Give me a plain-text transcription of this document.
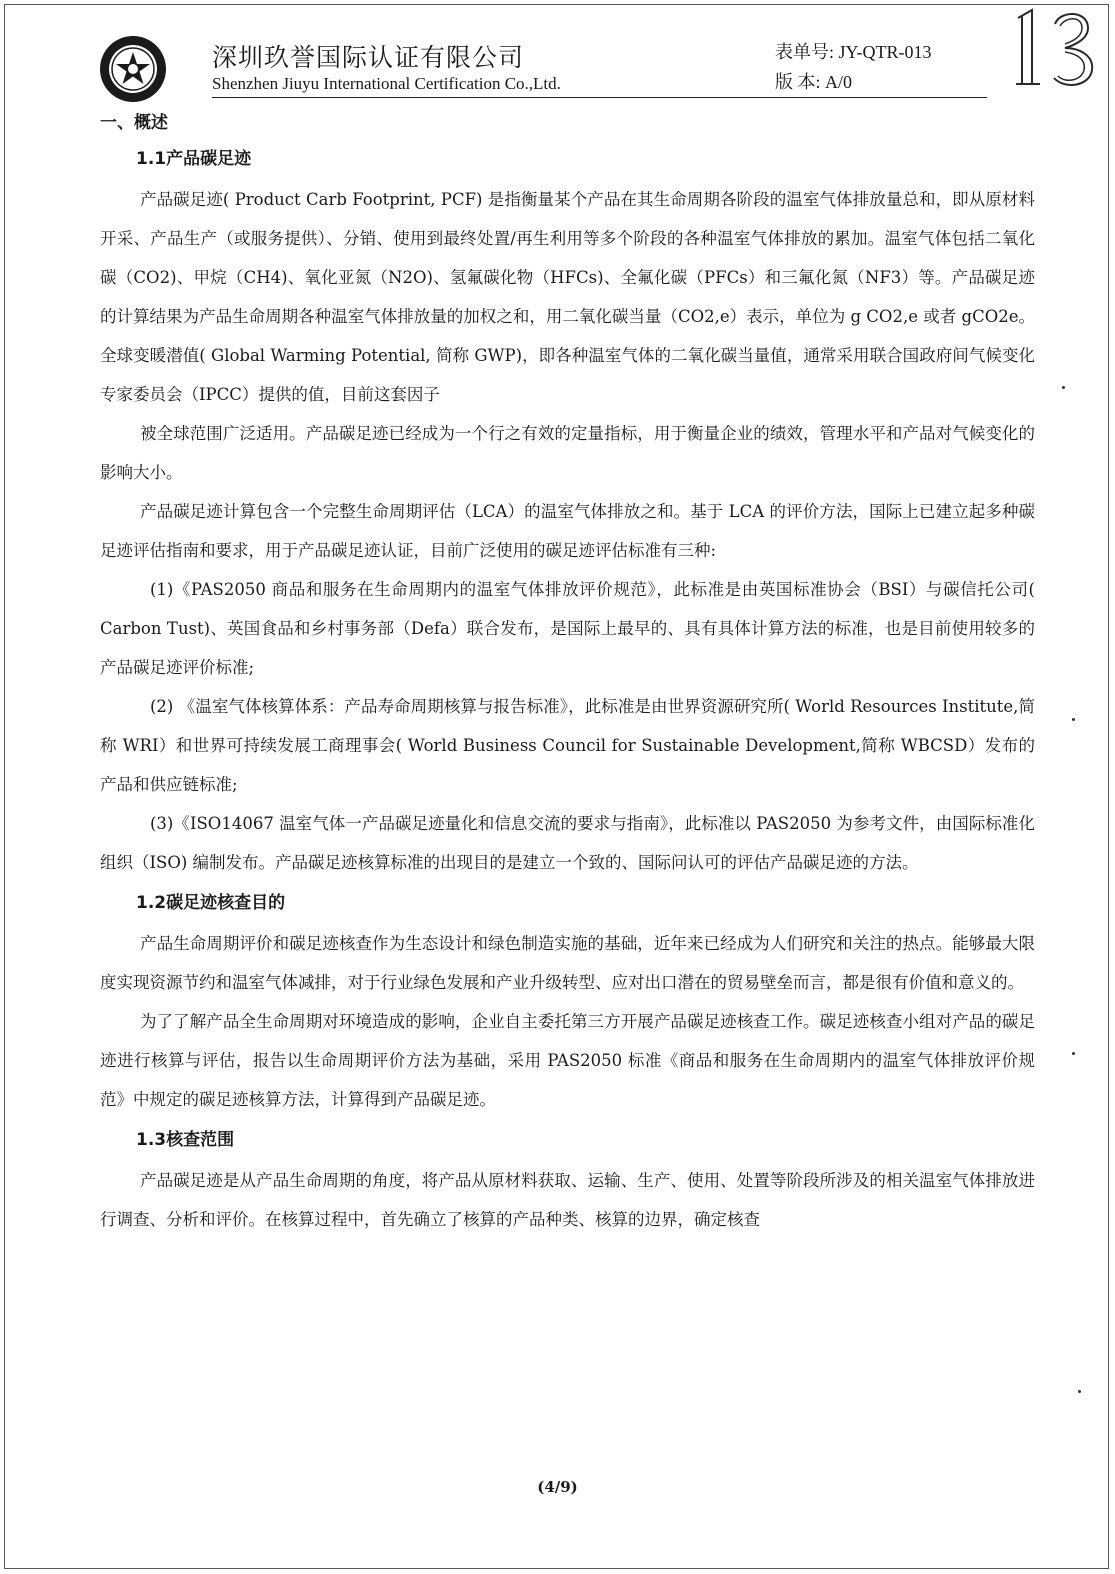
深圳玖誉国际认证有限公司
Shenzhen Jiuyu International Certification Co.,Ltd.
表单号: JY-QTR-013
版 本: A/0
一、概述
1.1产品碳足迹

产品碳足迹( Product Carb Footprint, PCF) 是指衡量某个产品在其生命周期各阶段的温室气体排放量总和，即从原材料开采、产品生产（或服务提供）、分销、使用到最终处置/再生利用等多个阶段的各种温室气体排放的累加。温室气体包括二氧化碳（CO2)、甲烷（CH4)、氧化亚氮（N2O)、氢氟碳化物（HFCs)、全氟化碳（PFCs）和三氟化氮（NF3）等。产品碳足迹的计算结果为产品生命周期各种温室气体排放量的加权之和，用二氧化碳当量（CO2,e）表示，单位为 g CO2,e 或者 gCO2e。全球变暖潜值( Global Warming Potential, 简称 GWP)，即各种温室气体的二氧化碳当量值，通常采用联合国政府间气候变化专家委员会（IPCC）提供的值，目前这套因子

被全球范围广泛适用。产品碳足迹已经成为一个行之有效的定量指标，用于衡量企业的绩效，管理水平和产品对气候变化的影响大小。

产品碳足迹计算包含一个完整生命周期评估（LCA）的温室气体排放之和。基于 LCA 的评价方法，国际上已建立起多种碳足迹评估指南和要求，用于产品碳足迹认证，目前广泛使用的碳足迹评估标准有三种:

(1)《PAS2050 商品和服务在生命周期内的温室气体排放评价规范》，此标准是由英国标准协会（BSI）与碳信托公司( Carbon Tust)、英国食品和乡村事务部（Defa）联合发布，是国际上最早的、具有具体计算方法的标准，也是目前使用较多的产品碳足迹评价标准;

(2) 《温室气体核算体系：产品寿命周期核算与报告标准》，此标准是由世界资源研究所( World Resources Institute,简称 WRI）和世界可持续发展工商理事会( World Business Council for Sustainable Development,简称 WBCSD）发布的产品和供应链标准;

(3)《ISO14067 温室气体一产品碳足迹量化和信息交流的要求与指南》，此标准以 PAS2050 为参考文件，由国际标准化组织（ISO) 编制发布。产品碳足迹核算标准的出现目的是建立一个致的、国际问认可的评估产品碳足迹的方法。

1.2碳足迹核查目的

产品生命周期评价和碳足迹核查作为生态设计和绿色制造实施的基础，近年来已经成为人们研究和关注的热点。能够最大限度实现资源节约和温室气体减排，对于行业绿色发展和产业升级转型、应对出口潜在的贸易壁垒而言，都是很有价值和意义的。

为了了解产品全生命周期对环境造成的影响，企业自主委托第三方开展产品碳足迹核查工作。碳足迹核查小组对产品的碳足迹进行核算与评估，报告以生命周期评价方法为基础，采用 PAS2050 标准《商品和服务在生命周期内的温室气体排放评价规范》中规定的碳足迹核算方法，计算得到产品碳足迹。

1.3核查范围

产品碳足迹是从产品生命周期的角度，将产品从原材料获取、运输、生产、使用、处置等阶段所涉及的相关温室气体排放进行调查、分析和评价。在核算过程中，首先确立了核算的产品种类、核算的边界，确定核查

(4/9)
